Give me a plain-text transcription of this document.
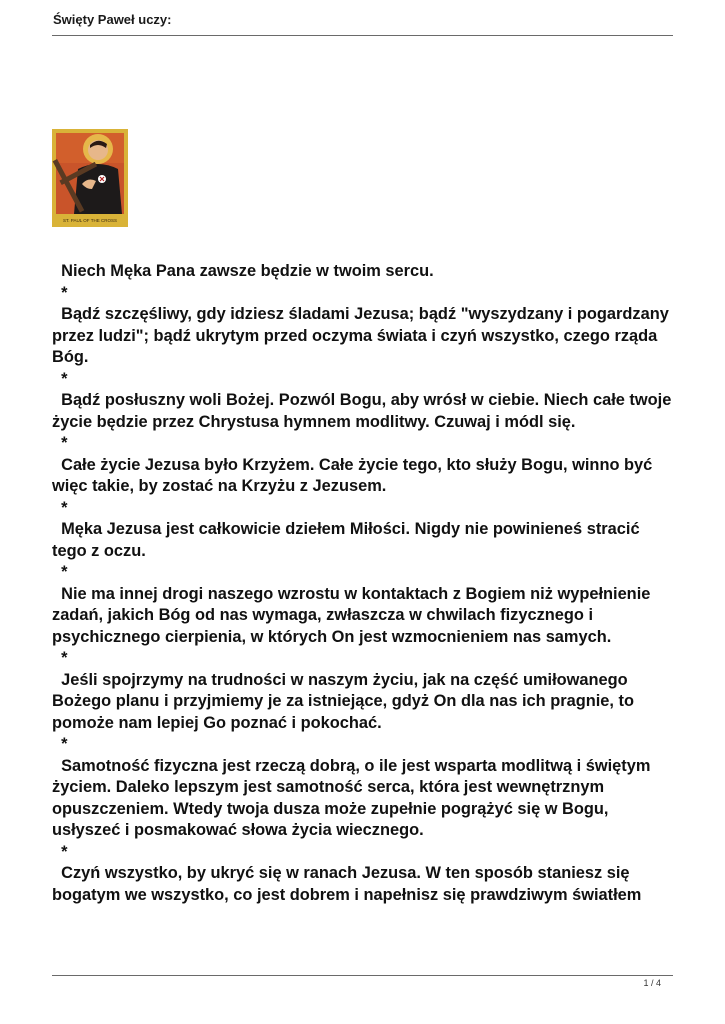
Święty Paweł uczy:
ST. PAUL OF THE CROSS
Niech Męka Pana zawsze będzie w twoim sercu.
*
Bądź szczęśliwy, gdy idziesz śladami Jezusa; bądź "wyszydzany i pogardzany przez ludzi"; bądź ukrytym przed oczyma świata i czyń wszystko, czego rząda Bóg.
*
Bądź posłuszny woli Bożej. Pozwól Bogu, aby wrósł w ciebie. Niech całe twoje życie będzie przez Chrystusa hymnem modlitwy. Czuwaj i módl się.
*
Całe życie Jezusa było Krzyżem. Całe życie tego, kto służy Bogu, winno być więc takie, by zostać na Krzyżu z Jezusem.
*
Męka Jezusa jest całkowicie dziełem Miłości. Nigdy nie powinieneś stracić tego z oczu.
*
Nie ma innej drogi naszego wzrostu w kontaktach z Bogiem niż wypełnienie zadań, jakich Bóg od nas wymaga, zwłaszcza w chwilach fizycznego i psychicznego cierpienia, w których On jest wzmocnieniem nas samych.
*
Jeśli spojrzymy na trudności w naszym życiu, jak na część umiłowanego Bożego planu i przyjmiemy je za istniejące, gdyż On dla nas ich pragnie, to pomoże nam lepiej Go poznać i pokochać.
*
Samotność fizyczna jest rzeczą dobrą, o ile jest wsparta modlitwą i świętym życiem. Daleko lepszym jest samotność serca, która jest wewnętrznym opuszczeniem. Wtedy twoja dusza może zupełnie pogrążyć się w Bogu, usłyszeć i posmakować słowa życia wiecznego.
*
Czyń wszystko, by ukryć się w ranach Jezusa. W ten sposób staniesz się bogatym we wszystko, co jest dobrem i napełnisz się prawdziwym światłem
1 / 4
